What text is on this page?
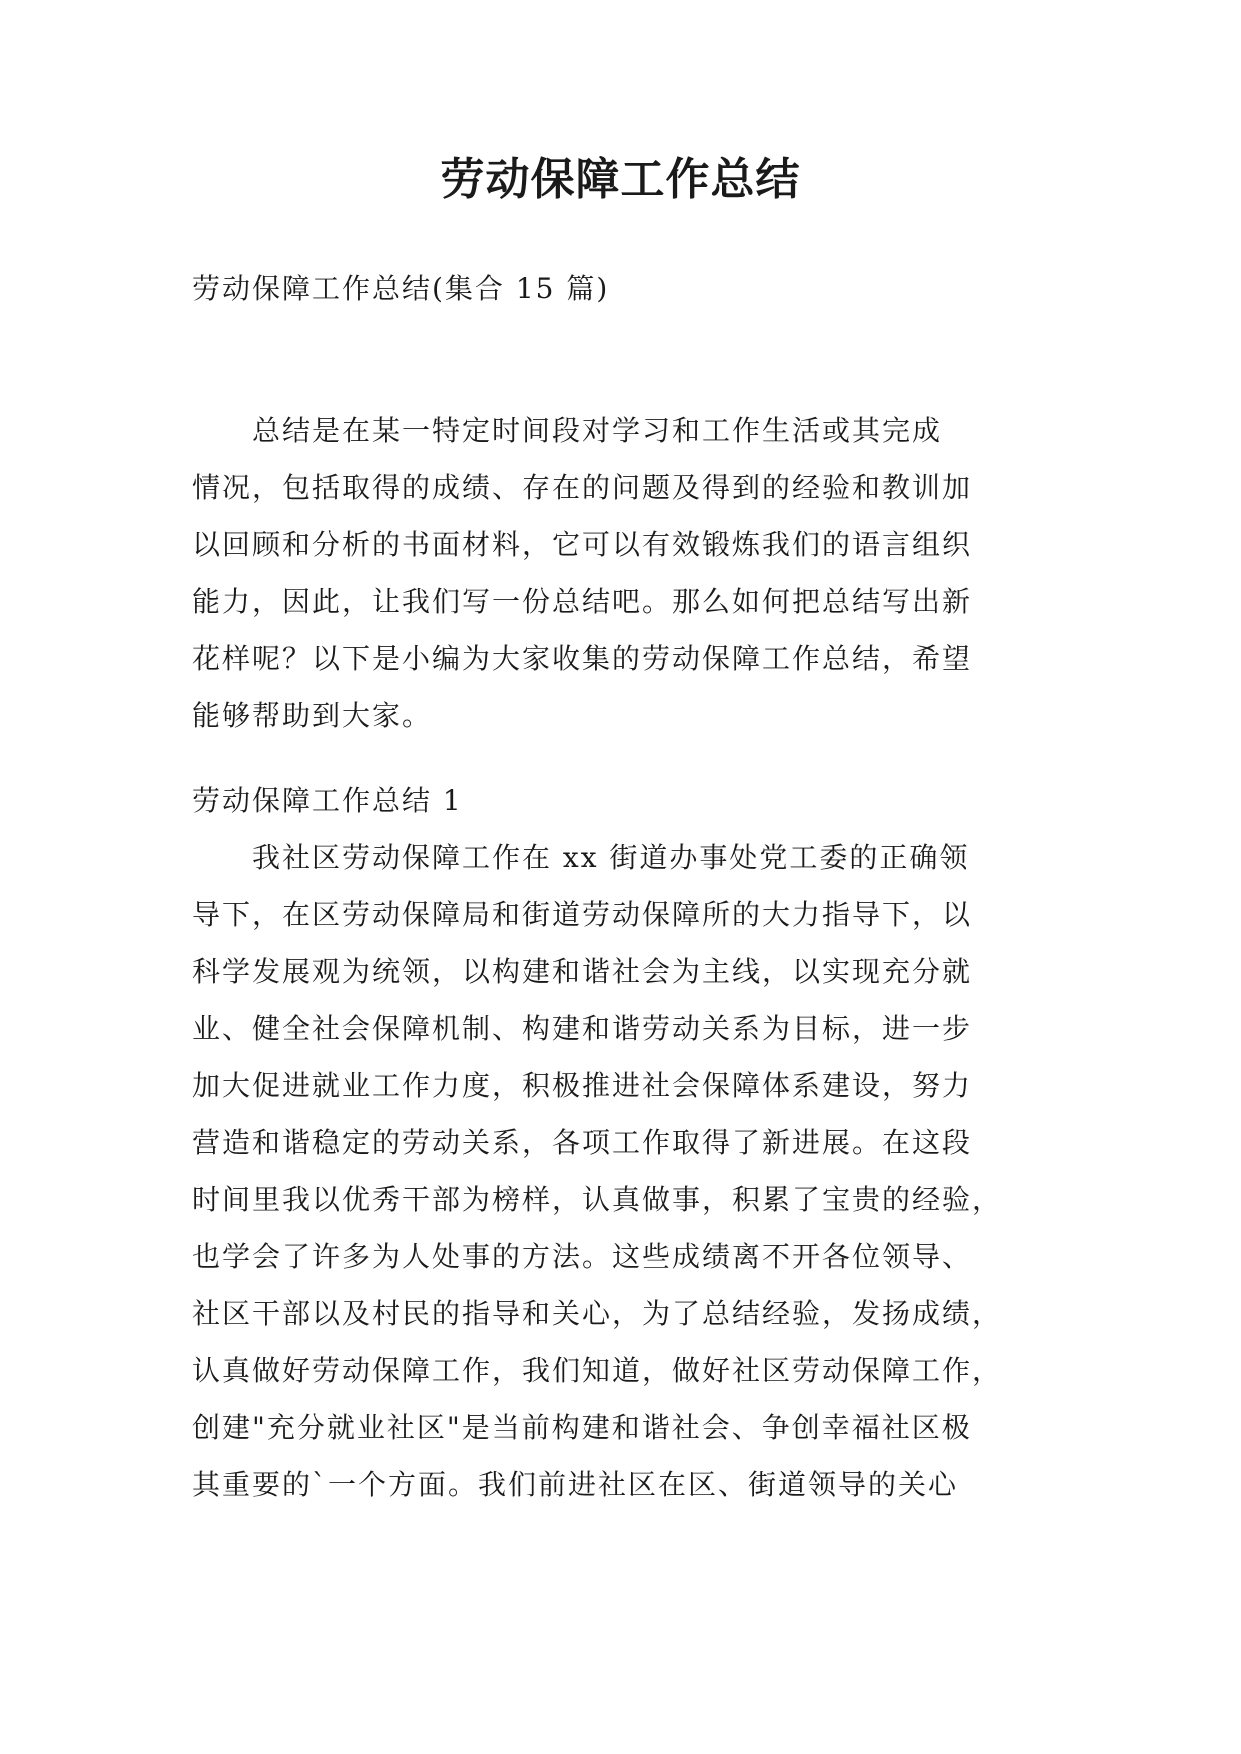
劳动保障工作总结
劳动保障工作总结(集合 15 篇)
　　总结是在某一特定时间段对学习和工作生活或其完成
情况，包括取得的成绩、存在的问题及得到的经验和教训加
以回顾和分析的书面材料，它可以有效锻炼我们的语言组织
能力，因此，让我们写一份总结吧。那么如何把总结写出新
花样呢？以下是小编为大家收集的劳动保障工作总结，希望
能够帮助到大家。
劳动保障工作总结 1
　　我社区劳动保障工作在 xx 街道办事处党工委的正确领
导下，在区劳动保障局和街道劳动保障所的大力指导下，以
科学发展观为统领，以构建和谐社会为主线，以实现充分就
业、健全社会保障机制、构建和谐劳动关系为目标，进一步
加大促进就业工作力度，积极推进社会保障体系建设，努力
营造和谐稳定的劳动关系，各项工作取得了新进展。在这段
时间里我以优秀干部为榜样，认真做事，积累了宝贵的经验，
也学会了许多为人处事的方法。这些成绩离不开各位领导、
社区干部以及村民的指导和关心，为了总结经验，发扬成绩，
认真做好劳动保障工作，我们知道，做好社区劳动保障工作，
创建"充分就业社区"是当前构建和谐社会、争创幸福社区极
其重要的`一个方面。我们前进社区在区、街道领导的关心
